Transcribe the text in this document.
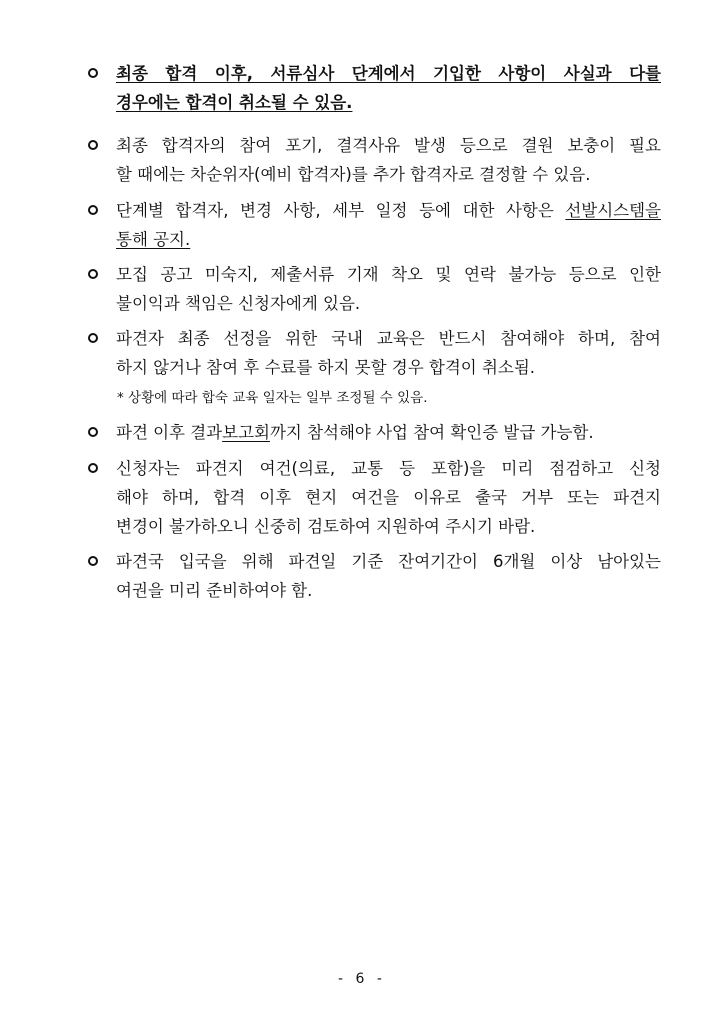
최종 합격 이후, 서류심사 단계에서 기입한 사항이 사실과 다를
경우에는 합격이 취소될 수 있음.
최종 합격자의 참여 포기, 결격사유 발생 등으로 결원 보충이 필요
할 때에는 차순위자(예비 합격자)를 추가 합격자로 결정할 수 있음.
단계별 합격자, 변경 사항, 세부 일정 등에 대한 사항은 선발시스템을
통해 공지.
모집 공고 미숙지, 제출서류 기재 착오 및 연락 불가능 등으로 인한
불이익과 책임은 신청자에게 있음.
파견자 최종 선정을 위한 국내 교육은 반드시 참여해야 하며, 참여
하지 않거나 참여 후 수료를 하지 못할 경우 합격이 취소됨.
* 상황에 따라 합숙 교육 일자는 일부 조정될 수 있음.
파견 이후 결과보고회까지 참석해야 사업 참여 확인증 발급 가능함.
신청자는 파견지 여건(의료, 교통 등 포함)을 미리 점검하고 신청
해야 하며, 합격 이후 현지 여건을 이유로 출국 거부 또는 파견지
변경이 불가하오니 신중히 검토하여 지원하여 주시기 바람.
파견국 입국을 위해 파견일 기준 잔여기간이 6개월 이상 남아있는
여권을 미리 준비하여야 함.
- 6 -
